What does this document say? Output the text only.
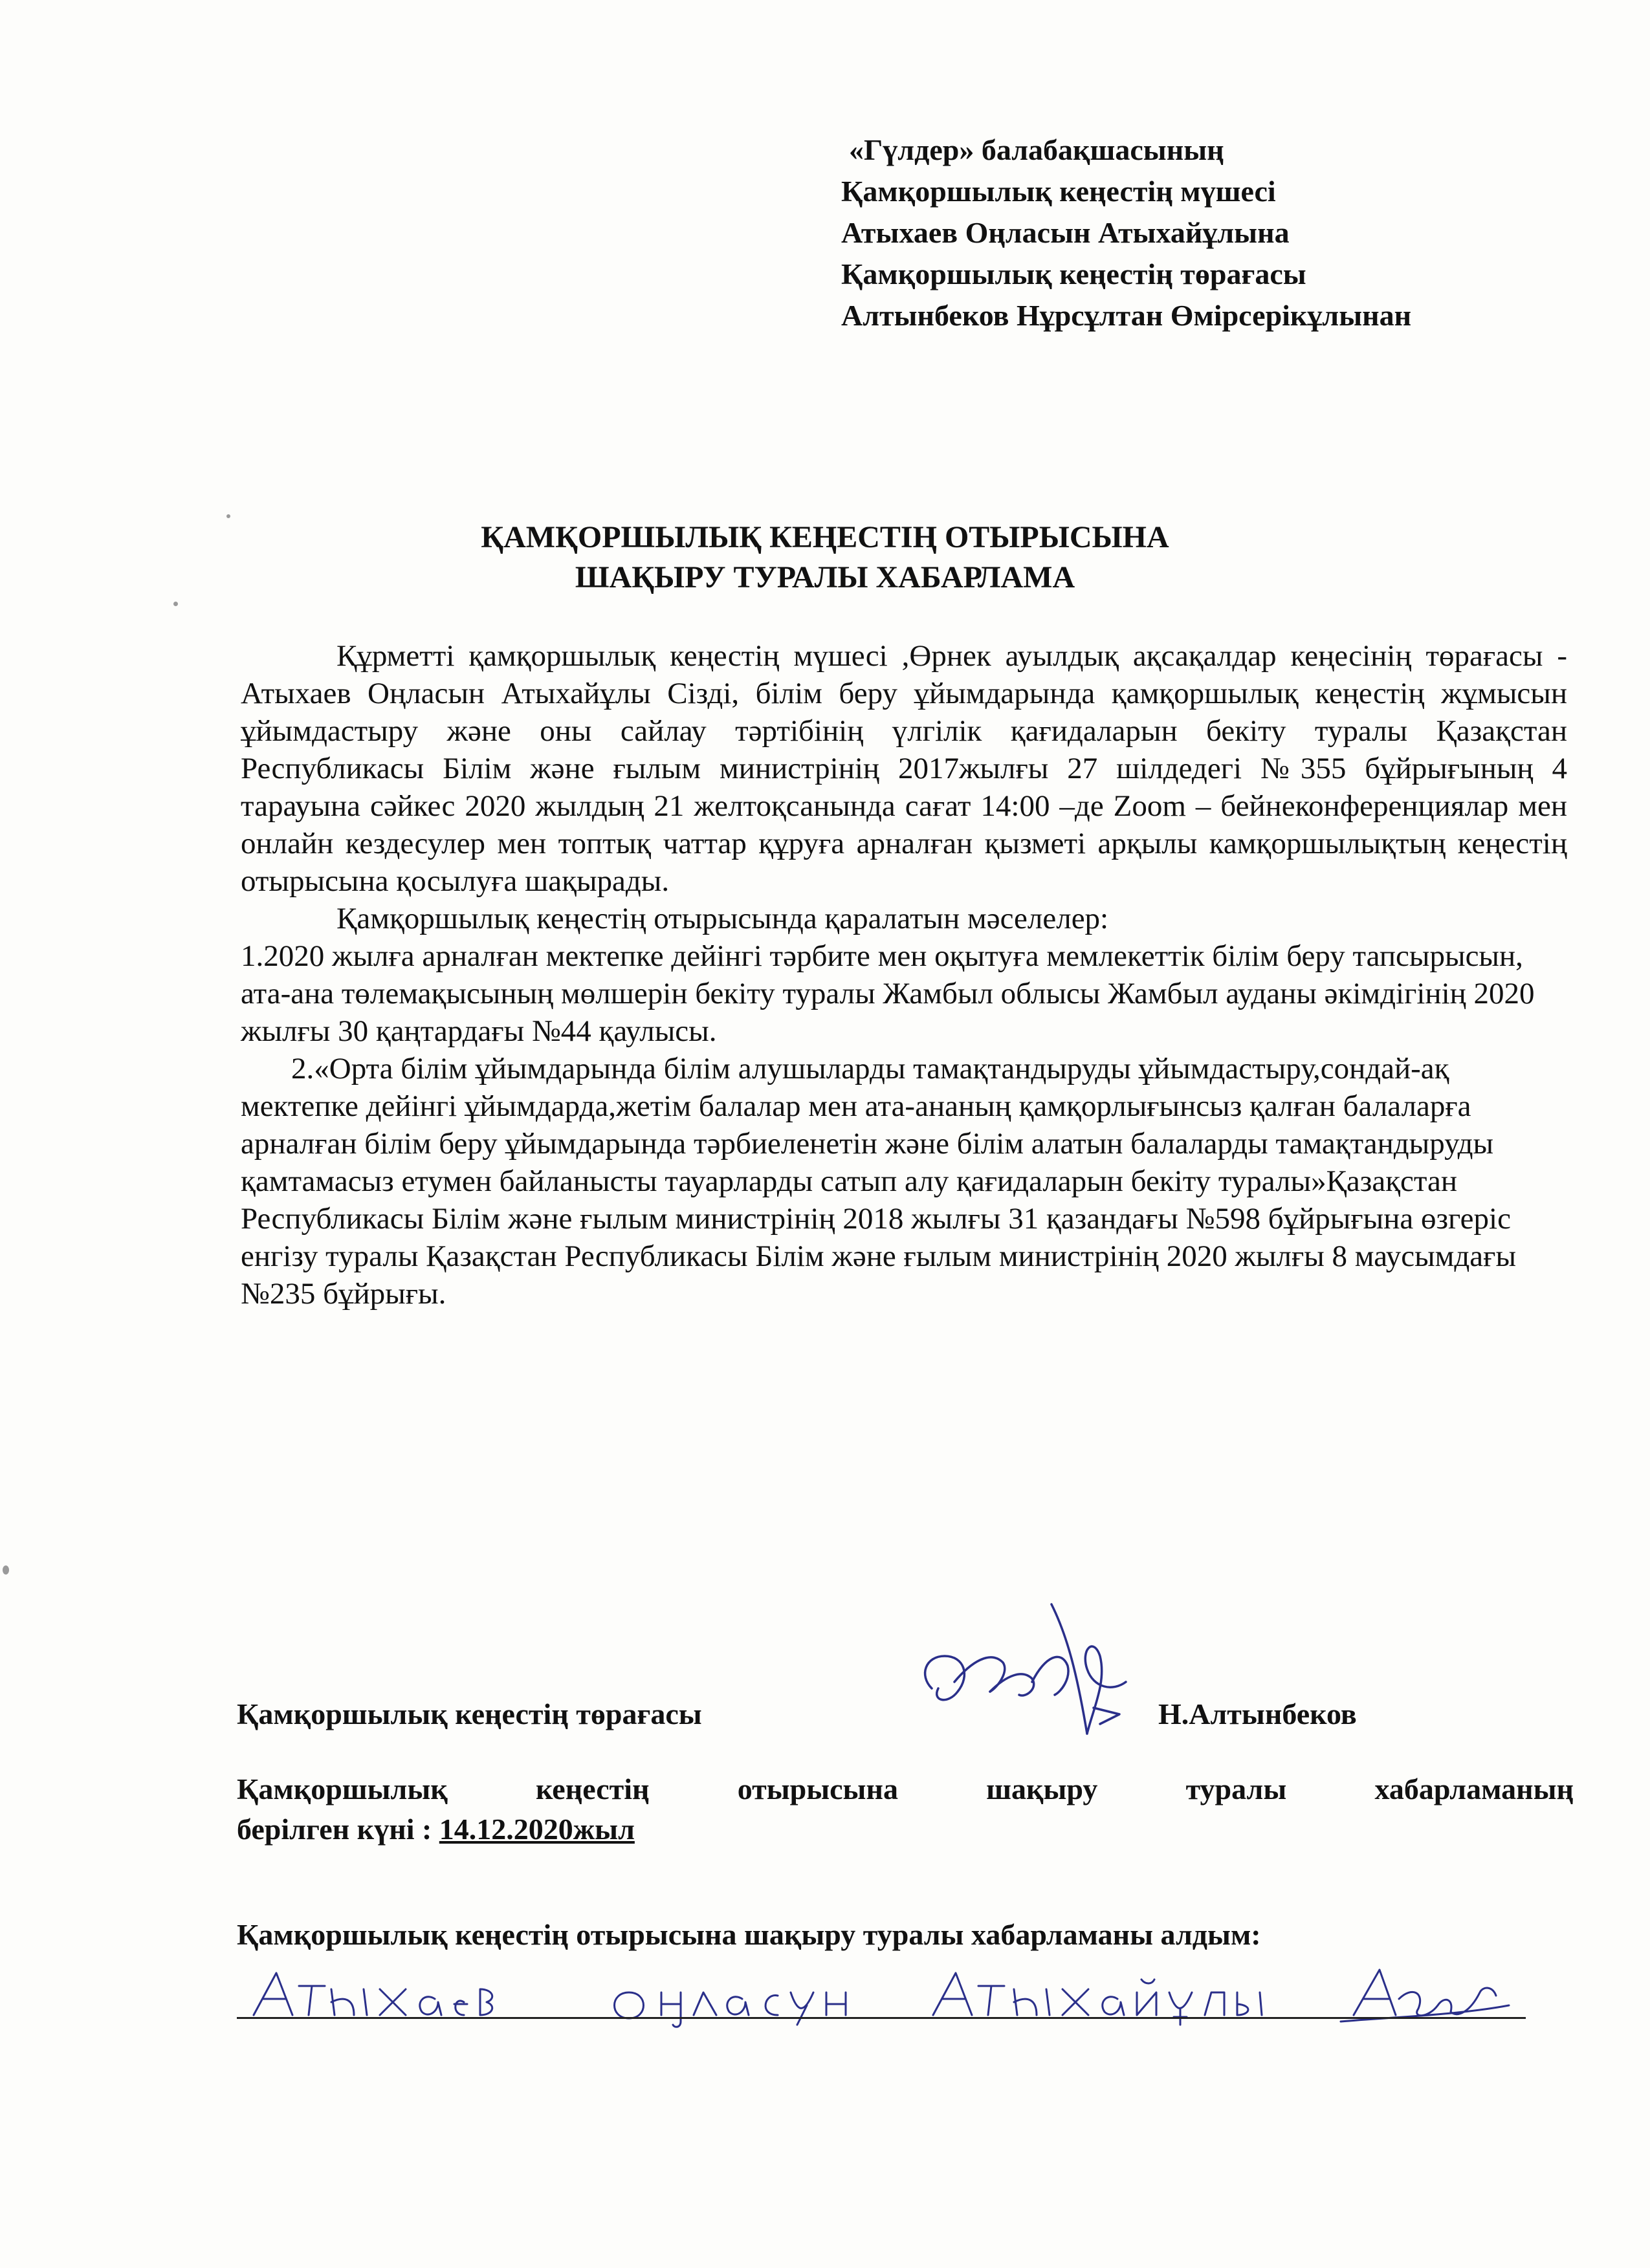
«Гүлдер» балабақшасының
Қамқоршылық кеңестің мүшесі
Атыхаев Оңласын Атыхайұлына
Қамқоршылық кеңестің төрағасы
Алтынбеков Нұрсұлтан Өмірсерікұлынан
ҚАМҚОРШЫЛЫҚ КЕҢЕСТІҢ ОТЫРЫСЫНА
ШАҚЫРУ ТУРАЛЫ ХАБАРЛАМА

Құрметті қамқоршылық кеңестің мүшесі ,Өрнек ауылдық ақсақалдар кеңесінің төрағасы - Атыхаев Оңласын Атыхайұлы Сізді, білім беру ұйымдарында қамқоршылық кеңестің жұмысын ұйымдастыру және оны сайлау тәртібінің үлгілік қағидаларын бекіту туралы Қазақстан Республикасы Білім және ғылым министрінің 2017жылғы 27 шілдедегі №355 бұйрығының 4 тарауына сәйкес 2020 жылдың 21 желтоқсанында сағат 14:00 –де Zoom – бейнеконференциялар мен онлайн кездесулер мен топтық чаттар құруға арналған қызметі арқылы камқоршылықтың кеңестің отырысына қосылуға шақырады.

Қамқоршылық кеңестің отырысында қаралатын мәселелер:

1.2020 жылға арналған мектепке дейінгі тәрбите мен оқытуға мемлекеттік білім беру тапсырысын, ата-ана төлемақысының мөлшерін бекіту туралы Жамбыл облысы Жамбыл ауданы әкімдігінің 2020 жылғы 30 қаңтардағы №44 қаулысы.

2.«Орта білім ұйымдарында білім алушыларды тамақтандыруды ұйымдастыру,сондай-ақ мектепке дейінгі ұйымдарда,жетім балалар мен ата-ананың қамқорлығынсыз қалған балаларға арналған білім беру ұйымдарында тәрбиеленетін және білім алатын балаларды тамақтандыруды қамтамасыз етумен байланысты тауарларды сатып алу қағидаларын бекіту туралы»Қазақстан Республикасы Білім және ғылым министрінің 2018 жылғы 31 қазандағы №598 бұйрығына өзгеріс енгізу туралы Қазақстан Республикасы Білім және ғылым министрінің 2020 жылғы 8 маусымдағы №235 бұйрығы.

Қамқоршылық кеңестің төрағасы	Н.Алтынбеков
Қамқоршылық	кеңестің	отырысына	шақыру	туралы	хабарламаның
берілген күні : 14.12.2020жыл
Қамқоршылық кеңестің отырысына шақыру туралы хабарламаны алдым:
